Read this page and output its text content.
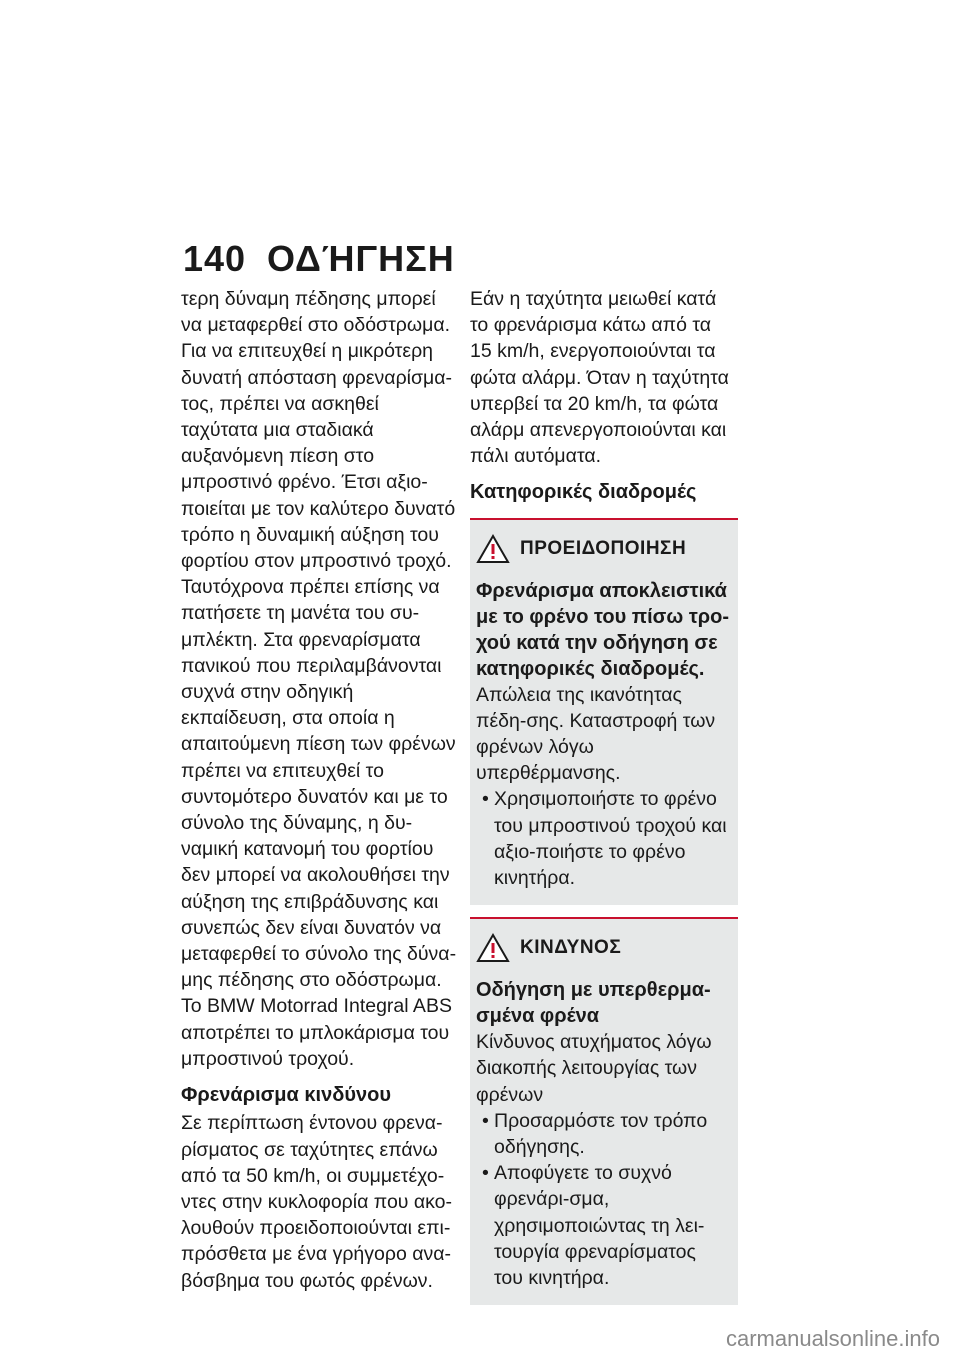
140 ΟΔΉΓΗΣΗ

τερη δύναμη πέδησης μπορεί να μεταφερθεί στο οδόστρωμα.

Για να επιτευχθεί η μικρότερη δυνατή απόσταση φρεναρίσμα-τος, πρέπει να ασκηθεί ταχύτατα μια σταδιακά αυξανόμενη πίεση στο μπροστινό φρένο. Έτσι αξιο-ποιείται με τον καλύτερο δυνατό τρόπο η δυναμική αύξηση του φορτίου στον μπροστινό τροχό. Ταυτόχρονα πρέπει επίσης να πατήσετε τη μανέτα του συ-μπλέκτη. Στα φρεναρίσματα πανικού που περιλαμβάνονται συχνά στην οδηγική εκπαίδευση, στα οποία η απαιτούμενη πίεση των φρένων πρέπει να επιτευχθεί το συντομότερο δυνατόν και με το σύνολο της δύναμης, η δυ-ναμική κατανομή του φορτίου δεν μπορεί να ακολουθήσει την αύξηση της επιβράδυνσης και συνεπώς δεν είναι δυνατόν να μεταφερθεί το σύνολο της δύνα-μης πέδησης στο οδόστρωμα.

Το BMW Motorrad Integral ABS αποτρέπει το μπλοκάρισμα του μπροστινού τροχού.

Φρενάρισμα κινδύνου

Σε περίπτωση έντονου φρενα-ρίσματος σε ταχύτητες επάνω από τα 50 km/h, οι συμμετέχο-ντες στην κυκλοφορία που ακο-λουθούν προειδοποιούνται επι-πρόσθετα με ένα γρήγορο ανα-βόσβημα του φωτός φρένων.

Εάν η ταχύτητα μειωθεί κατά το φρενάρισμα κάτω από τα 15 km/h, ενεργοποιούνται τα φώτα αλάρμ. Όταν η ταχύτητα υπερβεί τα 20 km/h, τα φώτα αλάρμ απενεργοποιούνται και πάλι αυτόματα.

Κατηφορικές διαδρομές
ΠΡΟΕΙΔΟΠΟΙΗΣΗ
Φρενάρισμα αποκλειστικά με το φρένο του πίσω τρο-χού κατά την οδήγηση σε κατηφορικές διαδρομές.

Απώλεια της ικανότητας πέδη-σης. Καταστροφή των φρένων λόγω υπερθέρμανσης.

• Χρησιμοποιήστε το φρένο του μπροστινού τροχού και αξιο-ποιήστε το φρένο κινητήρα.

ΚΙΝΔΥΝΟΣ
Οδήγηση με υπερθερμα-σμένα φρένα

Κίνδυνος ατυχήματος λόγω διακοπής λειτουργίας των φρένων

• Προσαρμόστε τον τρόπο οδήγησης.

• Αποφύγετε το συχνό φρενάρι-σμα, χρησιμοποιώντας τη λει-τουργία φρεναρίσματος του κινητήρα.

carmanualsonline.info
